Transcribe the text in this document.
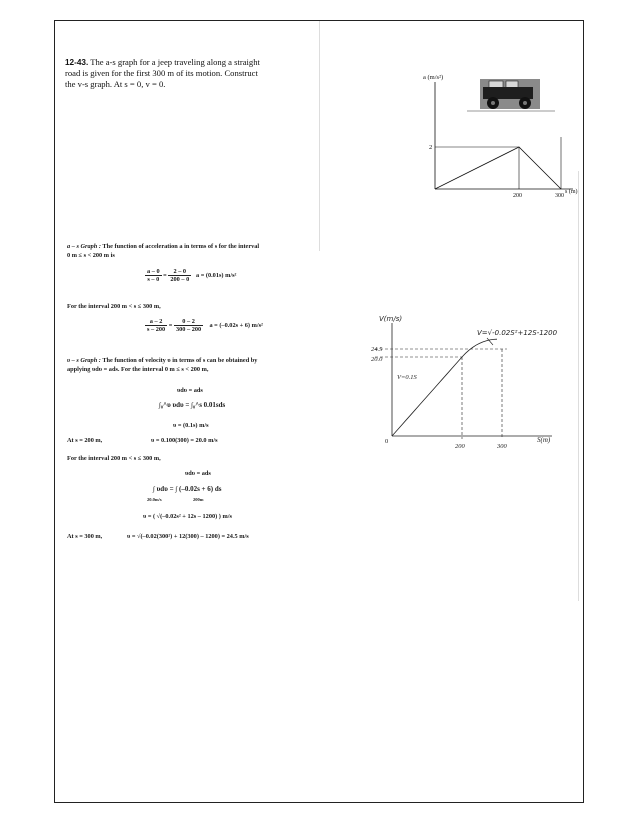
12-43. The a-s graph for a jeep traveling along a straight
road is given for the first 300 m of its motion. Construct
the v-s graph. At s = 0, v = 0.
a (m/s²)
2
200	300
s (m)
a – s Graph : The function of acceleration a in terms of s for the interval
0 m ≤ s < 200 m is
$\frac{a - 0}{s - 0} = \frac{2 - 0}{200 - 0}$ a = (0.01s) m/s²
For the interval 200 m < s ≤ 300 m,
$\frac{a - 2}{s - 200} = \frac{0 - 2}{300 - 200}$ a = (–0.02s + 6) m/s²
υ – s Graph : The function of velocity υ in terms of s can be obtained by
applying υdυ = ads. For the interval 0 m ≤ s < 200 m,
υdυ = ads
∫₀^υ υdυ = ∫₀^s 0.01sds
υ = (0.1s) m/s
At s = 200 m,	υ = 0.100(300) = 20.0 m/s
For the interval 200 m < s ≤ 300 m,
υdυ = ads
∫ υdυ = ∫ (–0.02s + 6) ds
20.0m/s	200m
υ = ( √(–0.02s² + 12s – 1200) ) m/s
At s = 300 m,	υ = √(–0.02(300²) + 12(300) – 1200) = 24.5 m/s
V(m/s)
V=√-0.02S²+12S-1200
24.5
20.0
V=0.1S
0
200	300
S(m)
